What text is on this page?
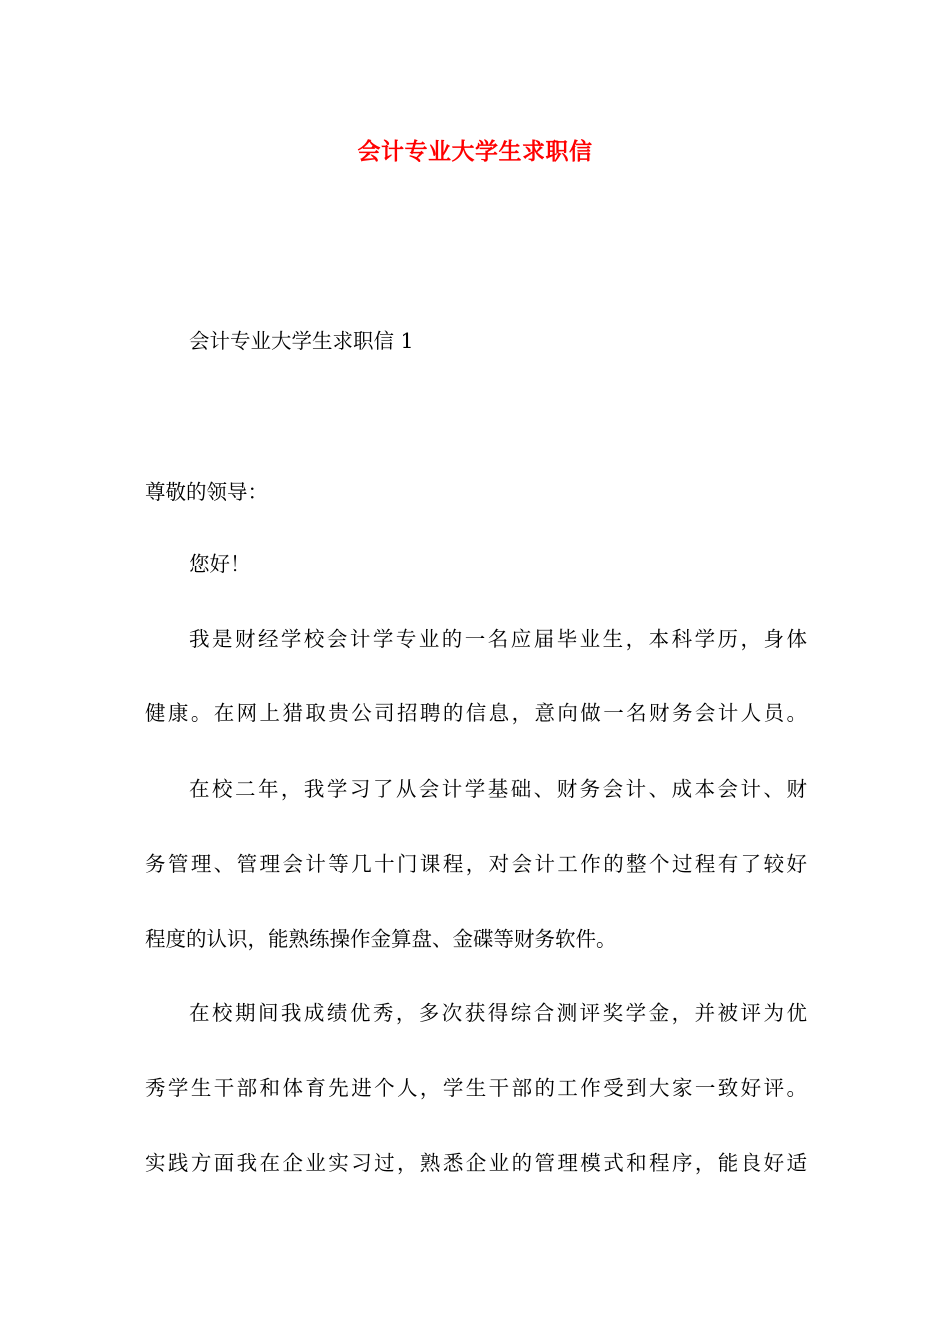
会计专业大学生求职信
会计专业大学生求职信 1
尊敬的领导：
您好！
我是财经学校会计学专业的一名应届毕业生，本科学历，身体
健康。在网上猎取贵公司招聘的信息，意向做一名财务会计人员。
在校二年，我学习了从会计学基础、财务会计、成本会计、财
务管理、管理会计等几十门课程，对会计工作的整个过程有了较好
程度的认识，能熟练操作金算盘、金碟等财务软件。
在校期间我成绩优秀，多次获得综合测评奖学金，并被评为优
秀学生干部和体育先进个人，学生干部的工作受到大家一致好评。
实践方面我在企业实习过，熟悉企业的管理模式和程序，能良好适
